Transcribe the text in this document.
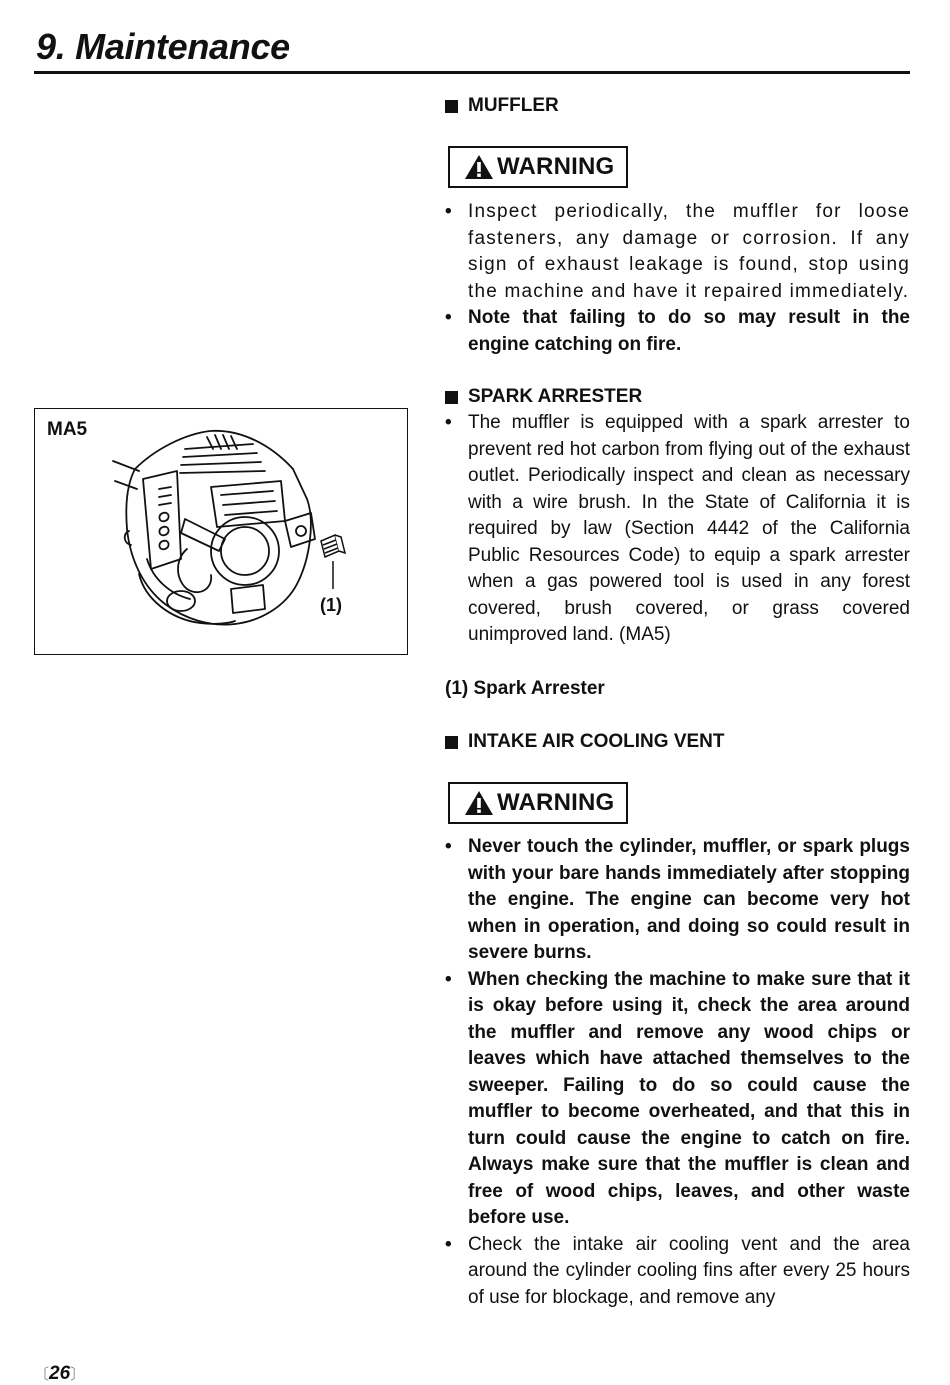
9. Maintenance
MA5
(1)
MUFFLER
WARNING
• Inspect periodically, the muffler for loose fasteners, any damage or corrosion. If any sign of exhaust leakage is found, stop using the machine and have it repaired immediately.
• Note that failing to do so may result in the engine catching on fire.
SPARK ARRESTER
• The muffler is equipped with a spark arrester to prevent red hot carbon from flying out of the exhaust outlet. Periodically inspect and clean as necessary with a wire brush. In the State of California it is required by law (Section 4442 of the California Public Resources Code) to equip a spark arrester when a gas powered tool is used in any forest covered, brush covered, or grass covered unimproved land. (MA5)
(1) Spark Arrester
INTAKE AIR COOLING VENT
WARNING
• Never touch the cylinder, muffler, or spark plugs with your bare hands immediately after stopping the engine. The engine can become very hot when in operation, and doing so could result in severe burns.
• When checking the machine to make sure that it is okay before using it, check the area around the muffler and remove any wood chips or leaves which have attached themselves to the sweeper. Failing to do so could cause the muffler to become overheated, and that this in turn could cause the engine to catch on fire. Always make sure that the muffler is clean and free of wood chips, leaves, and other waste before use.
• Check the intake air cooling vent and the area around the cylinder cooling fins after every 25 hours of use for blockage, and remove any
〔26〕
